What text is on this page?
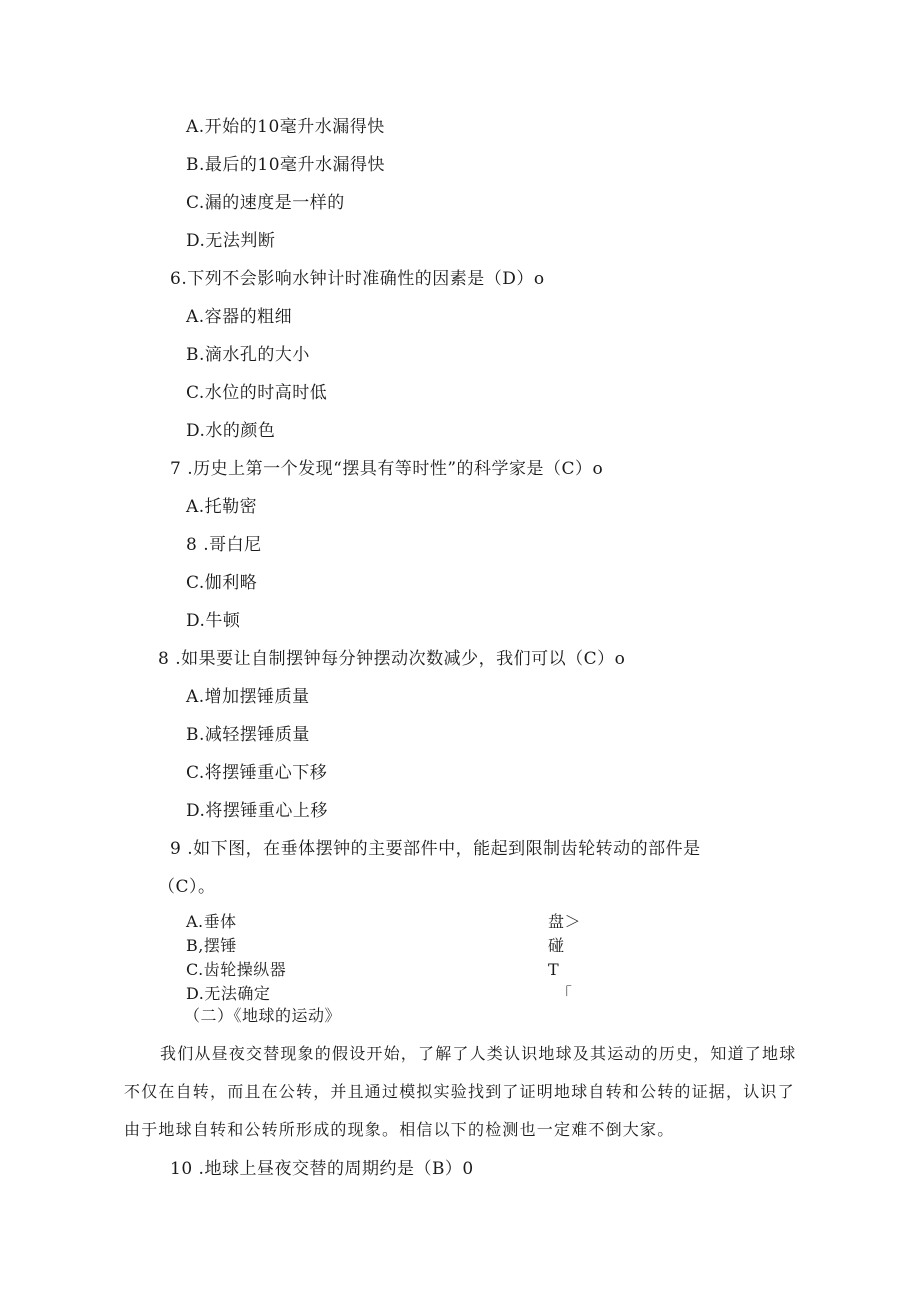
A.开始的10毫升水漏得快
B.最后的10毫升水漏得快
C.漏的速度是一样的
D.无法判断
6.下列不会影响水钟计时准确性的因素是（D）o
A.容器的粗细
B.滴水孔的大小
C.水位的时高时低
D.水的颜色
7 .历史上第一个发现“摆具有等时性”的科学家是（C）o
A.托勒密
8 .哥白尼
C.伽利略
D.牛顿
8 .如果要让自制摆钟每分钟摆动次数减少，我们可以（C）o
A.增加摆锤质量
B.减轻摆锤质量
C.将摆锤重心下移
D.将摆锤重心上移
9 .如下图，在垂体摆钟的主要部件中，能起到限制齿轮转动的部件是
（C）。
A.垂体
B,摆锤
C.齿轮操纵器
D.无法确定
盘＞
碰
T
「
（二）《地球的运动》
我们从昼夜交替现象的假设开始，了解了人类认识地球及其运动的历史，知道了地球不仅在自转，而且在公转，并且通过模拟实验找到了证明地球自转和公转的证据，认识了由于地球自转和公转所形成的现象。相信以下的检测也一定难不倒大家。
10 .地球上昼夜交替的周期约是（B）0
